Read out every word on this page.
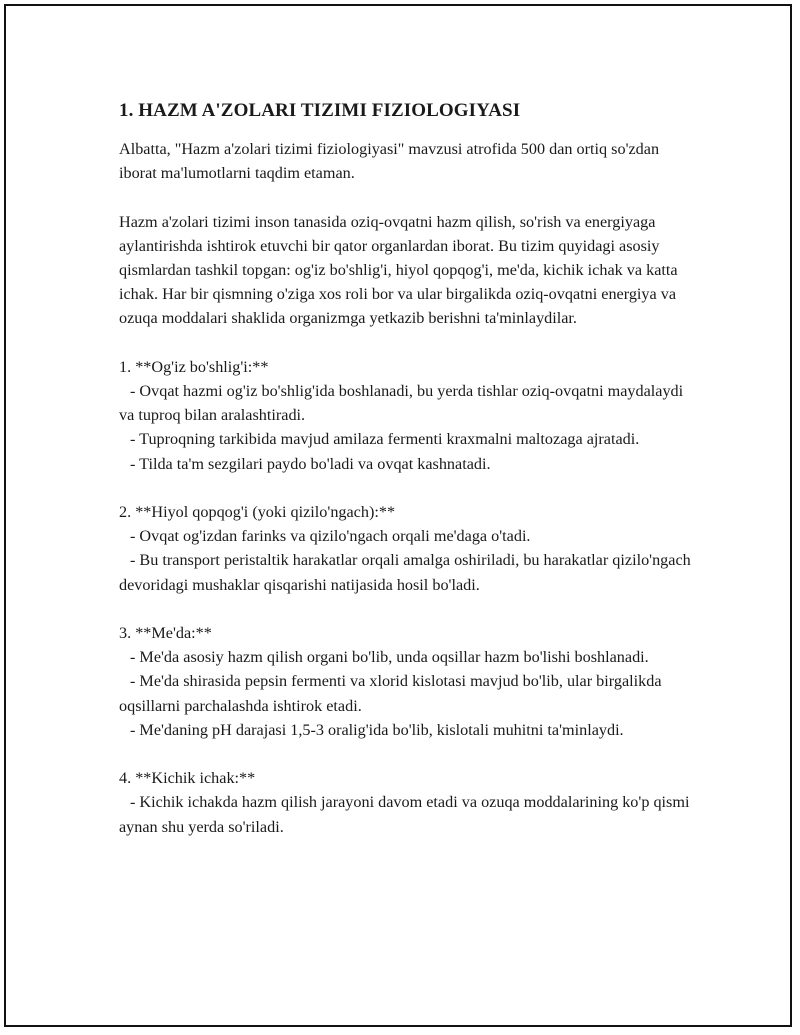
1. HAZM A'ZOLARI TIZIMI FIZIOLOGIYASI

Albatta, "Hazm a'zolari tizimi fiziologiyasi" mavzusi atrofida 500 dan ortiq so'zdan iborat ma'lumotlarni taqdim etaman.

Hazm a'zolari tizimi inson tanasida oziq-ovqatni hazm qilish, so'rish va energiyaga aylantirishda ishtirok etuvchi bir qator organlardan iborat. Bu tizim quyidagi asosiy qismlardan tashkil topgan: og'iz bo'shlig'i, hiyol qopqog'i, me'da, kichik ichak va katta ichak. Har bir qismning o'ziga xos roli bor va ular birgalikda oziq-ovqatni energiya va ozuqa moddalari shaklida organizmga yetkazib berishni ta'minlaydilar.

1. **Og'iz bo'shlig'i:**

- Ovqat hazmi og'iz bo'shlig'ida boshlanadi, bu yerda tishlar oziq-ovqatni maydalaydi va tuproq bilan aralashtiradi.

- Tuproqning tarkibida mavjud amilaza fermenti kraxmalni maltozaga ajratadi.

- Tilda ta'm sezgilari paydo bo'ladi va ovqat kashnatadi.

2. **Hiyol qopqog'i (yoki qizilo'ngach):**

- Ovqat og'izdan farinks va qizilo'ngach orqali me'daga o'tadi.

- Bu transport peristaltik harakatlar orqali amalga oshiriladi, bu harakatlar qizilo'ngach devoridagi mushaklar qisqarishi natijasida hosil bo'ladi.

3. **Me'da:**

- Me'da asosiy hazm qilish organi bo'lib, unda oqsillar hazm bo'lishi boshlanadi.

- Me'da shirasida pepsin fermenti va xlorid kislotasi mavjud bo'lib, ular birgalikda oqsillarni parchalashda ishtirok etadi.

- Me'daning pH darajasi 1,5-3 oralig'ida bo'lib, kislotali muhitni ta'minlaydi.

4. **Kichik ichak:**

- Kichik ichakda hazm qilish jarayoni davom etadi va ozuqa moddalarining ko'p qismi aynan shu yerda so'riladi.
